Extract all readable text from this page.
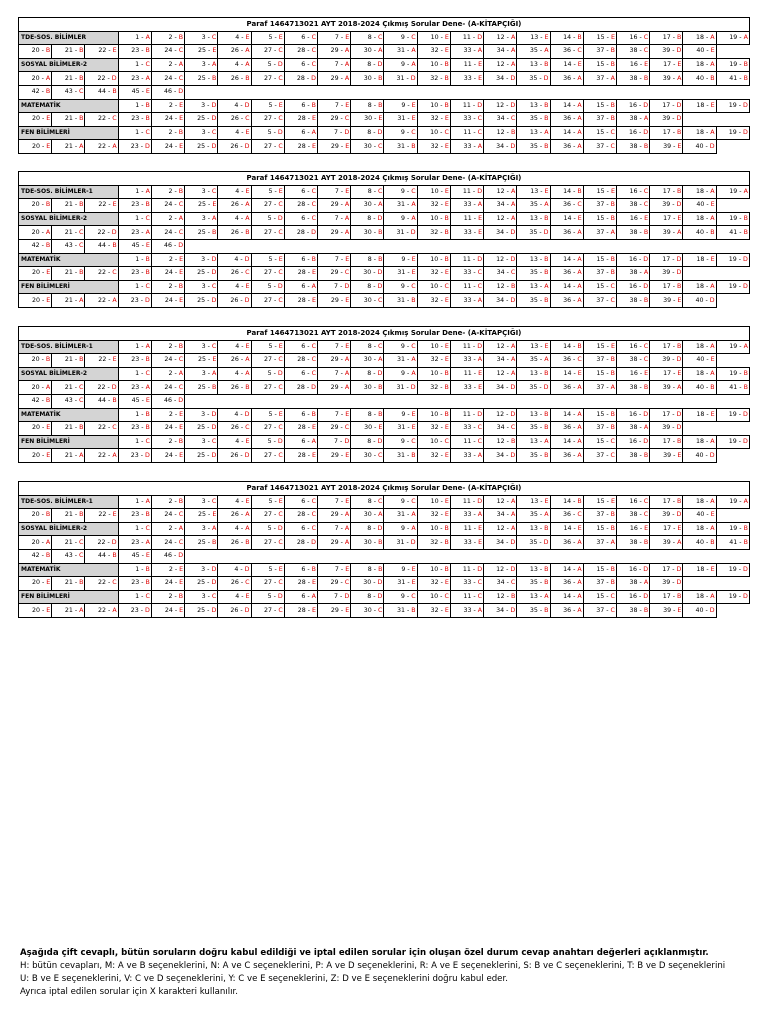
Paraf 1464713021 AYT 2018-2024 Çıkmış Sorular Dene- (A-KİTAPÇIĞI)																					
TDE-SOS. BİLİMLER			1 - A	2 - B	3 - C	4 - E	5 - E	6 - C	7 - E	8 - C	9 - C	10 - E	11 - D	12 - A	13 - E	14 - B	15 - E	16 - C	17 - B	18 - A	19 - A
20 - B	21 - B	22 - E	23 - B	24 - C	25 - E	26 - A	27 - C	28 - C	29 - A	30 - A	31 - A	32 - E	33 - A	34 - A	35 - A	36 - C	37 - B	38 - C	39 - D	40 - E	
SOSYAL BİLİMLER-2			1 - C	2 - A	3 - A	4 - A	5 - D	6 - C	7 - A	8 - D	9 - A	10 - B	11 - E	12 - A	13 - B	14 - E	15 - B	16 - E	17 - E	18 - A	19 - B
20 - A	21 - B	22 - D	23 - A	24 - C	25 - B	26 - B	27 - C	28 - D	29 - A	30 - B	31 - D	32 - B	33 - E	34 - D	35 - D	36 - A	37 - A	38 - B	39 - A	40 - B	41 - B
42 - B	43 - C	44 - B	45 - E	46 - D																	
MATEMATİK			1 - B	2 - E	3 - D	4 - D	5 - E	6 - B	7 - E	8 - B	9 - E	10 - B	11 - D	12 - D	13 - B	14 - A	15 - B	16 - D	17 - D	18 - E	19 - D
20 - E	21 - B	22 - C	23 - B	24 - E	25 - D	26 - C	27 - C	28 - E	29 - C	30 - E	31 - E	32 - E	33 - C	34 - C	35 - B	36 - A	37 - B	38 - A	39 - D		
FEN BİLİMLERİ			1 - C	2 - B	3 - C	4 - E	5 - D	6 - A	7 - D	8 - D	9 - C	10 - C	11 - C	12 - B	13 - A	14 - A	15 - C	16 - D	17 - B	18 - A	19 - D
20 - E	21 - A	22 - A	23 - D	24 - E	25 - D	26 - D	27 - C	28 - E	29 - E	30 - C	31 - B	32 - E	33 - A	34 - D	35 - B	36 - A	37 - C	38 - B	39 - E	40 - D	
Paraf 1464713021 AYT 2018-2024 Çıkmış Sorular Dene- (A-KİTAPÇIĞI)																					
TDE-SOS. BİLİMLER-1			1 - A	2 - B	3 - C	4 - E	5 - E	6 - C	7 - E	8 - C	9 - C	10 - E	11 - D	12 - A	13 - E	14 - B	15 - E	16 - C	17 - B	18 - A	19 - A
20 - B	21 - B	22 - E	23 - B	24 - C	25 - E	26 - A	27 - C	28 - C	29 - A	30 - A	31 - A	32 - E	33 - A	34 - A	35 - A	36 - C	37 - B	38 - C	39 - D	40 - E	
SOSYAL BİLİMLER-2			1 - C	2 - A	3 - A	4 - A	5 - D	6 - C	7 - A	8 - D	9 - A	10 - B	11 - E	12 - A	13 - B	14 - E	15 - B	16 - E	17 - E	18 - A	19 - B
20 - A	21 - C	22 - D	23 - A	24 - C	25 - B	26 - B	27 - C	28 - D	29 - A	30 - B	31 - D	32 - B	33 - E	34 - D	35 - D	36 - A	37 - A	38 - B	39 - A	40 - B	41 - B
42 - B	43 - C	44 - B	45 - E	46 - D																	
MATEMATİK			1 - B	2 - E	3 - D	4 - D	5 - E	6 - B	7 - E	8 - B	9 - E	10 - B	11 - D	12 - D	13 - B	14 - A	15 - B	16 - D	17 - D	18 - E	19 - D
20 - E	21 - B	22 - C	23 - B	24 - E	25 - D	26 - C	27 - C	28 - E	29 - C	30 - D	31 - E	32 - E	33 - C	34 - C	35 - B	36 - A	37 - B	38 - A	39 - D		
FEN BİLİMLERİ			1 - C	2 - B	3 - C	4 - E	5 - D	6 - A	7 - D	8 - D	9 - C	10 - C	11 - C	12 - B	13 - A	14 - A	15 - C	16 - D	17 - B	18 - A	19 - D
20 - E	21 - A	22 - A	23 - D	24 - E	25 - D	26 - D	27 - C	28 - E	29 - E	30 - C	31 - B	32 - E	33 - A	34 - D	35 - B	36 - A	37 - C	38 - B	39 - E	40 - D	
Paraf 1464713021 AYT 2018-2024 Çıkmış Sorular Dene- (A-KİTAPÇIĞI)																					
TDE-SOS. BİLİMLER-1			1 - A	2 - B	3 - C	4 - E	5 - E	6 - C	7 - E	8 - C	9 - C	10 - E	11 - D	12 - A	13 - E	14 - B	15 - E	16 - C	17 - B	18 - A	19 - A
20 - B	21 - B	22 - E	23 - B	24 - C	25 - E	26 - A	27 - C	28 - C	29 - A	30 - A	31 - A	32 - E	33 - A	34 - A	35 - A	36 - C	37 - B	38 - C	39 - D	40 - E	
SOSYAL BİLİMLER-2			1 - C	2 - A	3 - A	4 - A	5 - D	6 - C	7 - A	8 - D	9 - A	10 - B	11 - E	12 - A	13 - B	14 - E	15 - B	16 - E	17 - E	18 - A	19 - B
20 - A	21 - C	22 - D	23 - A	24 - C	25 - B	26 - B	27 - C	28 - D	29 - A	30 - B	31 - D	32 - B	33 - E	34 - D	35 - D	36 - A	37 - A	38 - B	39 - A	40 - B	41 - B
42 - B	43 - C	44 - B	45 - E	46 - D																	
MATEMATİK			1 - B	2 - E	3 - D	4 - D	5 - E	6 - B	7 - E	8 - B	9 - E	10 - B	11 - D	12 - D	13 - B	14 - A	15 - B	16 - D	17 - D	18 - E	19 - D
20 - E	21 - B	22 - C	23 - B	24 - E	25 - D	26 - C	27 - C	28 - E	29 - C	30 - E	31 - E	32 - E	33 - C	34 - C	35 - B	36 - A	37 - B	38 - A	39 - D		
FEN BİLİMLERİ			1 - C	2 - B	3 - C	4 - E	5 - D	6 - A	7 - D	8 - D	9 - C	10 - C	11 - C	12 - B	13 - A	14 - A	15 - C	16 - D	17 - B	18 - A	19 - D
20 - E	21 - A	22 - A	23 - D	24 - E	25 - D	26 - D	27 - C	28 - E	29 - E	30 - C	31 - B	32 - E	33 - A	34 - D	35 - B	36 - A	37 - C	38 - B	39 - E	40 - D	
Paraf 1464713021 AYT 2018-2024 Çıkmış Sorular Dene- (A-KİTAPÇIĞI)																					
TDE-SOS. BİLİMLER-1			1 - A	2 - B	3 - C	4 - E	5 - E	6 - C	7 - E	8 - C	9 - C	10 - E	11 - D	12 - A	13 - E	14 - B	15 - E	16 - C	17 - B	18 - A	19 - A
20 - B	21 - B	22 - E	23 - B	24 - C	25 - E	26 - A	27 - C	28 - C	29 - A	30 - A	31 - A	32 - E	33 - A	34 - A	35 - A	36 - C	37 - B	38 - C	39 - D	40 - E	
SOSYAL BİLİMLER-2			1 - C	2 - A	3 - A	4 - A	5 - D	6 - C	7 - A	8 - D	9 - A	10 - B	11 - E	12 - A	13 - B	14 - E	15 - B	16 - E	17 - E	18 - A	19 - B
20 - A	21 - C	22 - D	23 - A	24 - C	25 - B	26 - B	27 - C	28 - D	29 - A	30 - B	31 - D	32 - B	33 - E	34 - D	35 - D	36 - A	37 - A	38 - B	39 - A	40 - B	41 - B
42 - B	43 - C	44 - B	45 - E	46 - D																	
MATEMATİK			1 - B	2 - E	3 - D	4 - D	5 - E	6 - B	7 - E	8 - B	9 - E	10 - B	11 - D	12 - D	13 - B	14 - A	15 - B	16 - D	17 - D	18 - E	19 - D
20 - E	21 - B	22 - C	23 - B	24 - E	25 - D	26 - C	27 - C	28 - E	29 - C	30 - D	31 - E	32 - E	33 - C	34 - C	35 - B	36 - A	37 - B	38 - A	39 - D		
FEN BİLİMLERİ			1 - C	2 - B	3 - C	4 - E	5 - D	6 - A	7 - D	8 - D	9 - C	10 - C	11 - C	12 - B	13 - A	14 - A	15 - C	16 - D	17 - B	18 - A	19 - D
20 - E	21 - A	22 - A	23 - D	24 - E	25 - D	26 - D	27 - C	28 - E	29 - E	30 - C	31 - B	32 - E	33 - A	34 - D	35 - B	36 - A	37 - C	38 - B	39 - E	40 - D	
Aşağıda çift cevaplı, bütün soruların doğru kabul edildiği ve iptal edilen sorular için oluşan özel durum cevap anahtarı değerleri açıklanmıştır.
H: bütün cevapları, M: A ve B seçeneklerini, N: A ve C seçeneklerini, P: A ve D seçeneklerini, R: A ve E seçeneklerini, S: B ve C seçeneklerini, T: B ve D seçeneklerini
U: B ve E seçeneklerini, V: C ve D seçeneklerini, Y: C ve E seçeneklerini, Z: D ve E seçeneklerini doğru kabul eder.
Ayrıca iptal edilen sorular için X karakteri kullanılır.
